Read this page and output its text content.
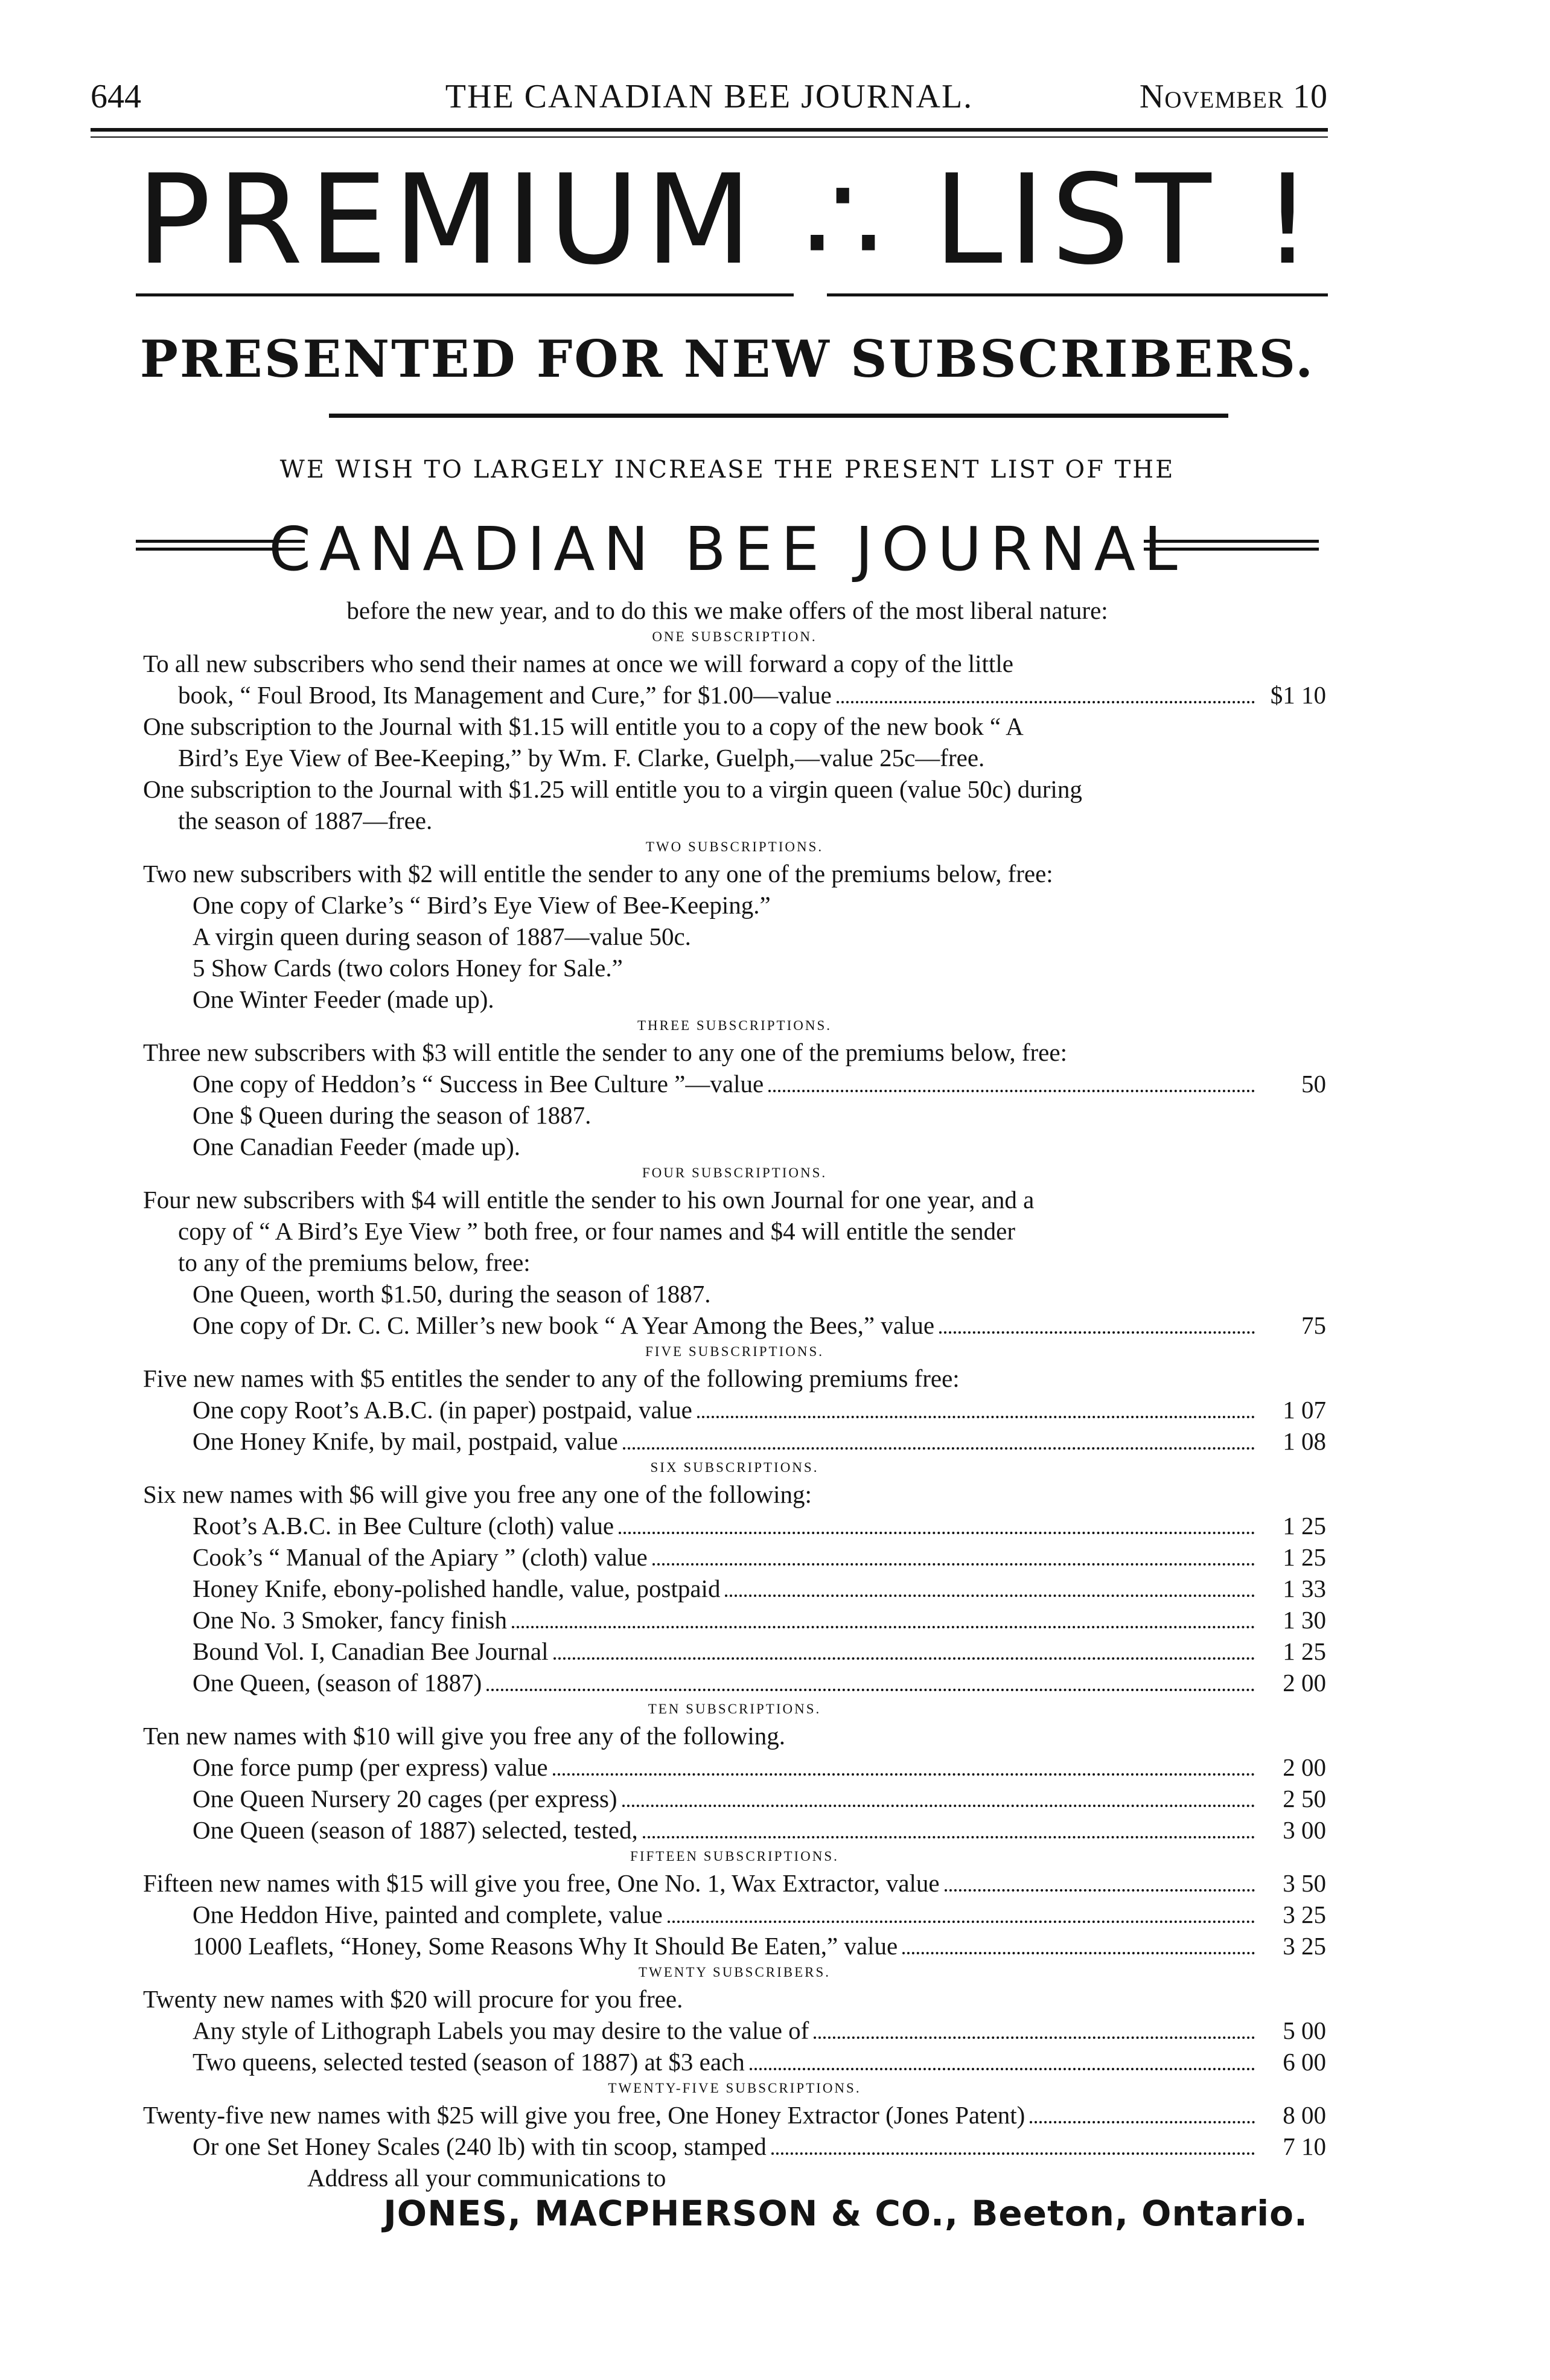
644	THE CANADIAN BEE JOURNAL.	November 10
PREMIUM ∴ LIST !
PRESENTED FOR NEW SUBSCRIBERS.
WE WISH TO LARGELY INCREASE THE PRESENT LIST OF THE
CANADIAN BEE JOURNAL
before the new year, and to do this we make offers of the most liberal nature:
ONE SUBSCRIPTION.
To all new subscribers who send their names at once we will forward a copy of the little
book, “ Foul Brood, Its Management and Cure,” for $1.00—value	$1 10
One subscription to the Journal with $1.15 will entitle you to a copy of the new book “ A
Bird’s Eye View of Bee-Keeping,” by Wm. F. Clarke, Guelph,—value 25c—free.
One subscription to the Journal with $1.25 will entitle you to a virgin queen (value 50c) during
the season of 1887—free.
TWO SUBSCRIPTIONS.
Two new subscribers with $2 will entitle the sender to any one of the premiums below, free:
One copy of Clarke’s “ Bird’s Eye View of Bee-Keeping.”
A virgin queen during season of 1887—value 50c.
5 Show Cards (two colors Honey for Sale.”
One Winter Feeder (made up).
THREE SUBSCRIPTIONS.
Three new subscribers with $3 will entitle the sender to any one of the premiums below, free:
One copy of Heddon’s “ Success in Bee Culture ”—value	50
One $ Queen during the season of 1887.
One Canadian Feeder (made up).
FOUR SUBSCRIPTIONS.
Four new subscribers with $4 will entitle the sender to his own Journal for one year, and a
copy of “ A Bird’s Eye View ” both free, or four names and $4 will entitle the sender
to any of the premiums below, free:
One Queen, worth $1.50, during the season of 1887.
One copy of Dr. C. C. Miller’s new book “ A Year Among the Bees,” value	75
FIVE SUBSCRIPTIONS.
Five new names with $5 entitles the sender to any of the following premiums free:
One copy Root’s A.B.C. (in paper) postpaid, value	1 07
One Honey Knife, by mail, postpaid, value	1 08
SIX SUBSCRIPTIONS.
Six new names with $6 will give you free any one of the following:
Root’s A.B.C. in Bee Culture (cloth) value	1 25
Cook’s “ Manual of the Apiary ” (cloth) value	1 25
Honey Knife, ebony-polished handle, value, postpaid	1 33
One No. 3 Smoker, fancy finish	1 30
Bound Vol. I, Canadian Bee Journal	1 25
One Queen, (season of 1887)	2 00
TEN SUBSCRIPTIONS.
Ten new names with $10 will give you free any of the following.
One force pump (per express) value	2 00
One Queen Nursery 20 cages (per express)	2 50
One Queen (season of 1887) selected, tested,	3 00
FIFTEEN SUBSCRIPTIONS.
Fifteen new names with $15 will give you free, One No. 1, Wax Extractor, value	3 50
One Heddon Hive, painted and complete, value	3 25
1000 Leaflets, “Honey, Some Reasons Why It Should Be Eaten,” value	3 25
TWENTY SUBSCRIBERS.
Twenty new names with $20 will procure for you free.
Any style of Lithograph Labels you may desire to the value of	5 00
Two queens, selected tested (season of 1887) at $3 each	6 00
TWENTY-FIVE SUBSCRIPTIONS.
Twenty-five new names with $25 will give you free, One Honey Extractor (Jones Patent)	8 00
Or one Set Honey Scales (240 lb) with tin scoop, stamped	7 10
Address all your communications to
JONES, MACPHERSON & CO., Beeton, Ontario.
